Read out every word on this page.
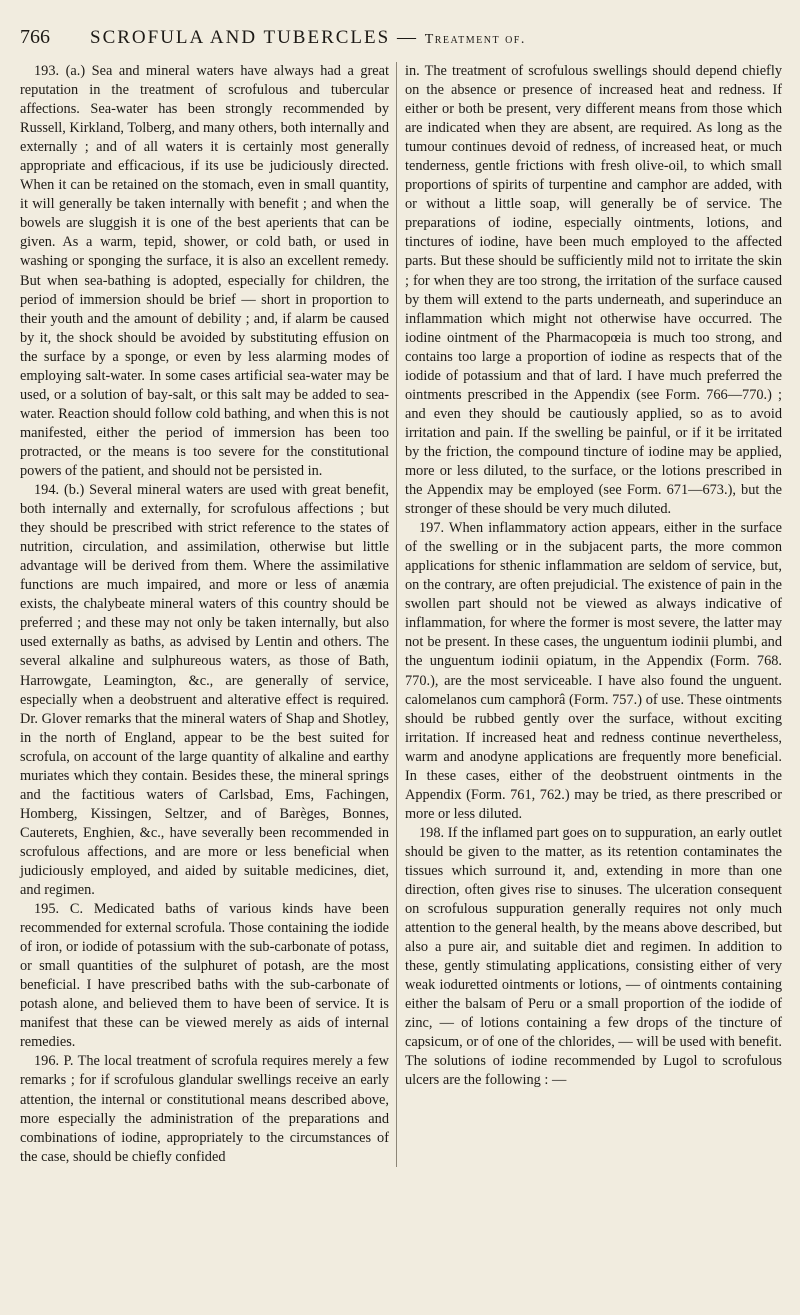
766	SCROFULA AND TUBERCLES — Treatment of.

193. (a.) Sea and mineral waters have always had a great reputation in the treatment of scrofulous and tubercular affections. Sea-water has been strongly recommended by Russell, Kirkland, Tolberg, and many others, both internally and externally ; and of all waters it is certainly most generally appropriate and efficacious, if its use be judiciously directed. When it can be retained on the stomach, even in small quantity, it will generally be taken internally with benefit ; and when the bowels are sluggish it is one of the best aperients that can be given. As a warm, tepid, shower, or cold bath, or used in washing or sponging the surface, it is also an excellent remedy. But when sea-bathing is adopted, especially for children, the period of immersion should be brief — short in proportion to their youth and the amount of debility ; and, if alarm be caused by it, the shock should be avoided by substituting effusion on the surface by a sponge, or even by less alarming modes of employing salt-water. In some cases artificial sea-water may be used, or a solution of bay-salt, or this salt may be added to sea-water. Reaction should follow cold bathing, and when this is not manifested, either the period of immersion has been too protracted, or the means is too severe for the constitutional powers of the patient, and should not be persisted in.

194. (b.) Several mineral waters are used with great benefit, both internally and externally, for scrofulous affections ; but they should be prescribed with strict reference to the states of nutrition, circulation, and assimilation, otherwise but little advantage will be derived from them. Where the assimilative functions are much impaired, and more or less of anæmia exists, the chalybeate mineral waters of this country should be preferred ; and these may not only be taken internally, but also used externally as baths, as advised by Lentin and others. The several alkaline and sulphureous waters, as those of Bath, Harrowgate, Leamington, &c., are generally of service, especially when a deobstruent and alterative effect is required. Dr. Glover remarks that the mineral waters of Shap and Shotley, in the north of England, appear to be the best suited for scrofula, on account of the large quantity of alkaline and earthy muriates which they contain. Besides these, the mineral springs and the factitious waters of Carlsbad, Ems, Fachingen, Homberg, Kissingen, Seltzer, and of Barèges, Bonnes, Cauterets, Enghien, &c., have severally been recommended in scrofulous affections, and are more or less beneficial when judiciously employed, and aided by suitable medicines, diet, and regimen.

195. C. Medicated baths of various kinds have been recommended for external scrofula. Those containing the iodide of iron, or iodide of potassium with the sub-carbonate of potass, or small quantities of the sulphuret of potash, are the most beneficial. I have prescribed baths with the sub-carbonate of potash alone, and believed them to have been of service. It is manifest that these can be viewed merely as aids of internal remedies.

196. P. The local treatment of scrofula requires merely a few remarks ; for if scrofulous glandular swellings receive an early attention, the internal or constitutional means described above, more especially the administration of the preparations and combinations of iodine, appropriately to the circumstances of the case, should be chiefly confided

in. The treatment of scrofulous swellings should depend chiefly on the absence or presence of increased heat and redness. If either or both be present, very different means from those which are indicated when they are absent, are required. As long as the tumour continues devoid of redness, of increased heat, or much tenderness, gentle frictions with fresh olive-oil, to which small proportions of spirits of turpentine and camphor are added, with or without a little soap, will generally be of service. The preparations of iodine, especially ointments, lotions, and tinctures of iodine, have been much employed to the affected parts. But these should be sufficiently mild not to irritate the skin ; for when they are too strong, the irritation of the surface caused by them will extend to the parts underneath, and superinduce an inflammation which might not otherwise have occurred. The iodine ointment of the Pharmacopœia is much too strong, and contains too large a proportion of iodine as respects that of the iodide of potassium and that of lard. I have much preferred the ointments prescribed in the Appendix (see Form. 766—770.) ; and even they should be cautiously applied, so as to avoid irritation and pain. If the swelling be painful, or if it be irritated by the friction, the compound tincture of iodine may be applied, more or less diluted, to the surface, or the lotions prescribed in the Appendix may be employed (see Form. 671—673.), but the stronger of these should be very much diluted.

197. When inflammatory action appears, either in the surface of the swelling or in the subjacent parts, the more common applications for sthenic inflammation are seldom of service, but, on the contrary, are often prejudicial. The existence of pain in the swollen part should not be viewed as always indicative of inflammation, for where the former is most severe, the latter may not be present. In these cases, the unguentum iodinii plumbi, and the unguentum iodinii opiatum, in the Appendix (Form. 768. 770.), are the most serviceable. I have also found the unguent. calomelanos cum camphorâ (Form. 757.) of use. These ointments should be rubbed gently over the surface, without exciting irritation. If increased heat and redness continue nevertheless, warm and anodyne applications are frequently more beneficial. In these cases, either of the deobstruent ointments in the Appendix (Form. 761, 762.) may be tried, as there prescribed or more or less diluted.

198. If the inflamed part goes on to suppuration, an early outlet should be given to the matter, as its retention contaminates the tissues which surround it, and, extending in more than one direction, often gives rise to sinuses. The ulceration consequent on scrofulous suppuration generally requires not only much attention to the general health, by the means above described, but also a pure air, and suitable diet and regimen. In addition to these, gently stimulating applications, consisting either of very weak ioduretted ointments or lotions, — of ointments containing either the balsam of Peru or a small proportion of the iodide of zinc, — of lotions containing a few drops of the tincture of capsicum, or of one of the chlorides, — will be used with benefit. The solutions of iodine recommended by Lugol to scrofulous ulcers are the following : —
